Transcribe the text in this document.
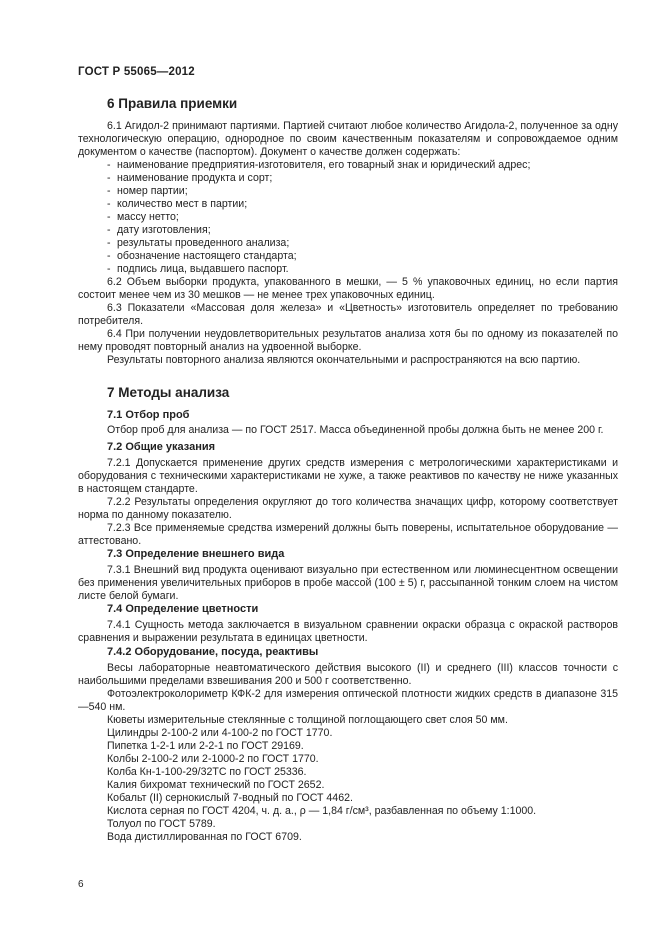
ГОСТ Р 55065—2012
6 Правила приемки
6.1 Агидол-2 принимают партиями. Партией считают любое количество Агидола-2, полученное за одну технологическую операцию, однородное по своим качественным показателям и сопровождаемое одним документом о качестве (паспортом). Документ о качестве должен содержать:
- наименование предприятия-изготовителя, его товарный знак и юридический адрес;
- наименование продукта и сорт;
- номер партии;
- количество мест в партии;
- массу нетто;
- дату изготовления;
- результаты проведенного анализа;
- обозначение настоящего стандарта;
- подпись лица, выдавшего паспорт.
6.2 Объем выборки продукта, упакованного в мешки, — 5 % упаковочных единиц, но если партия состоит менее чем из 30 мешков — не менее трех упаковочных единиц.
6.3 Показатели «Массовая доля железа» и «Цветность» изготовитель определяет по требованию потребителя.
6.4 При получении неудовлетворительных результатов анализа хотя бы по одному из показателей по нему проводят повторный анализ на удвоенной выборке.
Результаты повторного анализа являются окончательными и распространяются на всю партию.
7 Методы анализа
7.1 Отбор проб
Отбор проб для анализа — по ГОСТ 2517. Масса объединенной пробы должна быть не менее 200 г.
7.2 Общие указания
7.2.1 Допускается применение других средств измерения с метрологическими характеристиками и оборудования с техническими характеристиками не хуже, а также реактивов по качеству не ниже указанных в настоящем стандарте.
7.2.2 Результаты определения округляют до того количества значащих цифр, которому соответствует норма по данному показателю.
7.2.3 Все применяемые средства измерений должны быть поверены, испытательное оборудование — аттестовано.
7.3 Определение внешнего вида
7.3.1 Внешний вид продукта оценивают визуально при естественном или люминесцентном освещении без применения увеличительных приборов в пробе массой (100 ± 5) г, рассыпанной тонким слоем на чистом листе белой бумаги.
7.4 Определение цветности
7.4.1 Сущность метода заключается в визуальном сравнении окраски образца с окраской растворов сравнения и выражении результата в единицах цветности.
7.4.2 Оборудование, посуда, реактивы
Весы лабораторные неавтоматического действия высокого (II) и среднего (III) классов точности с наибольшими пределами взвешивания 200 и 500 г соответственно.
Фотоэлектроколориметр КФК-2 для измерения оптической плотности жидких средств в диапазоне 315—540 нм.
Кюветы измерительные стеклянные с толщиной поглощающего свет слоя 50 мм.
Цилиндры 2-100-2 или 4-100-2 по ГОСТ 1770.
Пипетка 1-2-1 или 2-2-1 по ГОСТ 29169.
Колбы 2-100-2 или 2-1000-2 по ГОСТ 1770.
Колба Кн-1-100-29/32ТС по ГОСТ 25336.
Калия бихромат технический по ГОСТ 2652.
Кобальт (II) сернокислый 7-водный по ГОСТ 4462.
Кислота серная по ГОСТ 4204, ч. д. а., ρ — 1,84 г/см³, разбавленная по объему 1:1000.
Толуол по ГОСТ 5789.
Вода дистиллированная по ГОСТ 6709.
6
